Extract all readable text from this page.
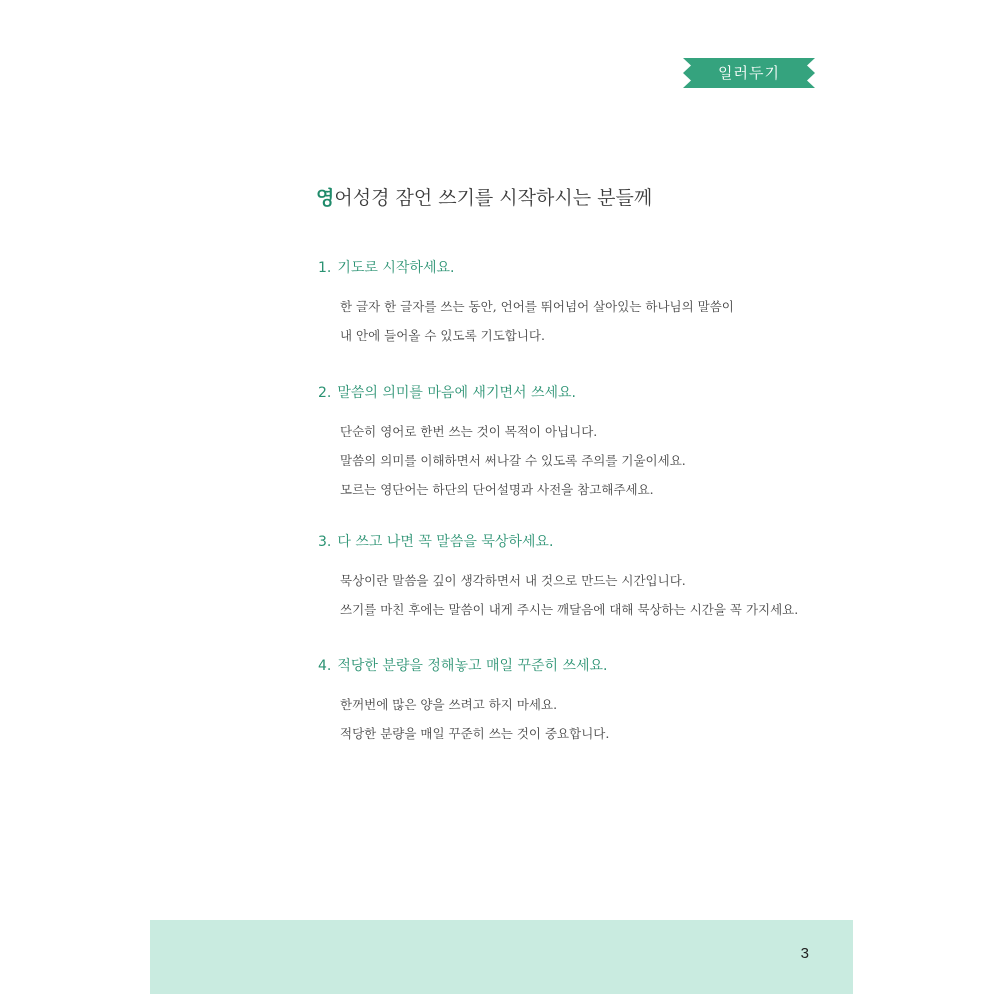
일러두기
영어성경 잠언 쓰기를 시작하시는 분들께
1. 기도로 시작하세요.
한 글자 한 글자를 쓰는 동안, 언어를 뛰어넘어 살아있는 하나님의 말씀이
내 안에 들어올 수 있도록 기도합니다.
2. 말씀의 의미를 마음에 새기면서 쓰세요.
단순히 영어로 한번 쓰는 것이 목적이 아닙니다.
말씀의 의미를 이해하면서 써나갈 수 있도록 주의를 기울이세요.
모르는 영단어는 하단의 단어설명과 사전을 참고해주세요.
3. 다 쓰고 나면 꼭 말씀을 묵상하세요.
묵상이란 말씀을 깊이 생각하면서 내 것으로 만드는 시간입니다.
쓰기를 마친 후에는 말씀이 내게 주시는 깨달음에 대해 묵상하는 시간을 꼭 가지세요.
4. 적당한 분량을 정해놓고 매일 꾸준히 쓰세요.
한꺼번에 많은 양을 쓰려고 하지 마세요.
적당한 분량을 매일 꾸준히 쓰는 것이 중요합니다.
3
